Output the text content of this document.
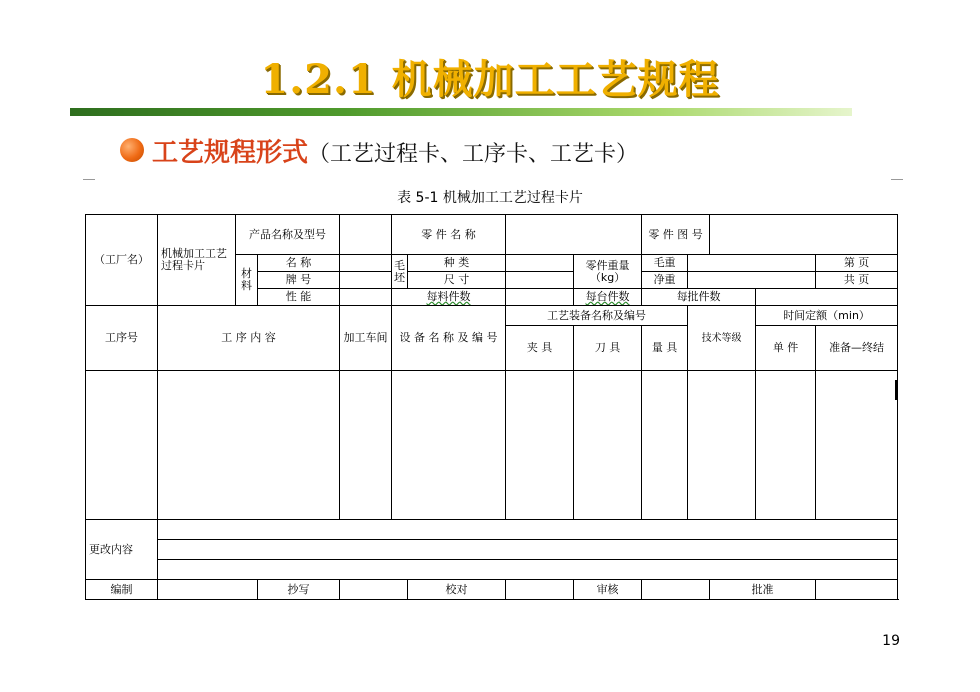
1.2.1 机械加工工艺规程
工艺规程形式（工艺过程卡、工序卡、工艺卡）
表 5-1 机械加工工艺过程卡片
（工厂名）	机械加工工艺过程卡片	产品名称及型号			零 件 名 称				零 件 图 号				
		材料	名 称		毛坯	种 类		零件重量（kg）	毛重				第 页
			牌 号			尺 寸			净重				共 页
			性 能		每料件数			每台件数	每批件数				
工序号	工 序 内 容			加工车间	设 备 名 称 及 编 号		工艺装备名称及编号			技术等级		时间定额（min）	
							夹 具	刀 具	量 具			单 件	准备—终结

更改内容													

编制			抄写			校对		审核			批准		
19
